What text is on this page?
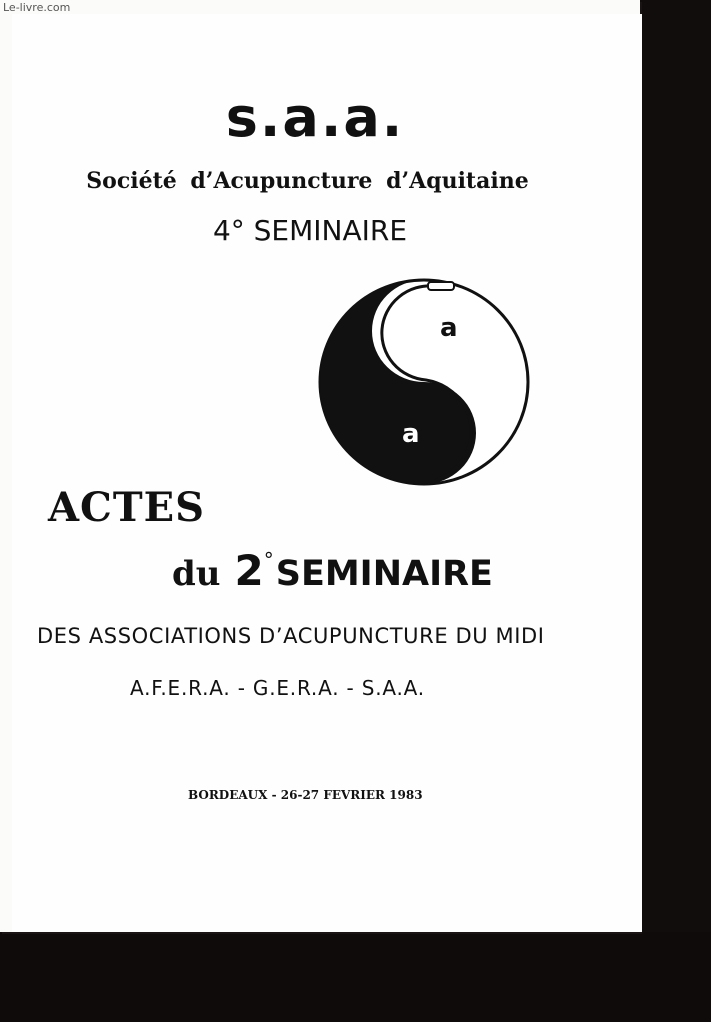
Le-livre.com
s.a.a.
Société d’Acupuncture d’Aquitaine
4° SEMINAIRE
a
a
ACTES
du 2°SEMINAIRE
DES ASSOCIATIONS D’ACUPUNCTURE DU MIDI
A.F.E.R.A. - G.E.R.A. - S.A.A.
BORDEAUX - 26-27 FEVRIER 1983
